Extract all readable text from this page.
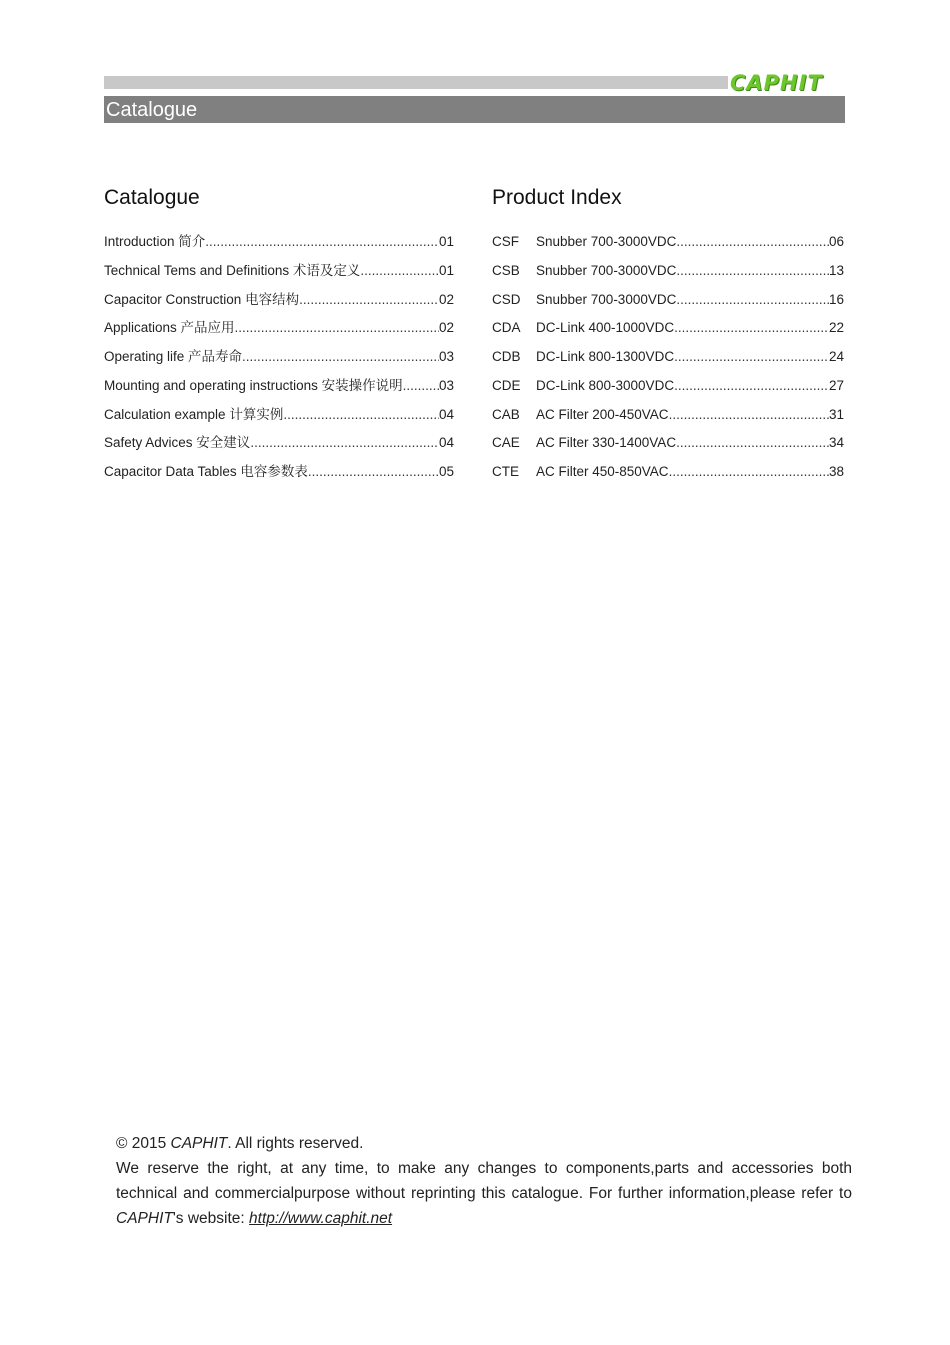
CAPHIT
Catalogue
Catalogue	Product Index
Introduction 简介 .....	01
Technical Tems and Definitions 术语及定义 .....	01
Capacitor Construction 电容结构 .....	02
Applications 产品应用 .....	02
Operating life 产品寿命 .....	03
Mounting and operating instructions 安装操作说明 .....	03
Calculation example 计算实例 .....	04
Safety Advices 安全建议 .....	04
Capacitor Data Tables 电容参数表 .....	05
CSF	Snubber 700-3000VDC .....	06
CSB	Snubber 700-3000VDC .....	13
CSD	Snubber 700-3000VDC .....	16
CDA	DC-Link 400-1000VDC .....	22
CDB	DC-Link 800-1300VDC .....	24
CDE	DC-Link 800-3000VDC .....	27
CAB	AC Filter 200-450VAC .....	31
CAE	AC Filter 330-1400VAC .....	34
CTE	AC Filter 450-850VAC .....	38
© 2015 CAPHIT. All rights reserved.
We reserve the right, at any time, to make any changes to components,parts and accessories both technical and commercialpurpose without reprinting this catalogue. For further information,please refer to CAPHIT's website: http://www.caphit.net
